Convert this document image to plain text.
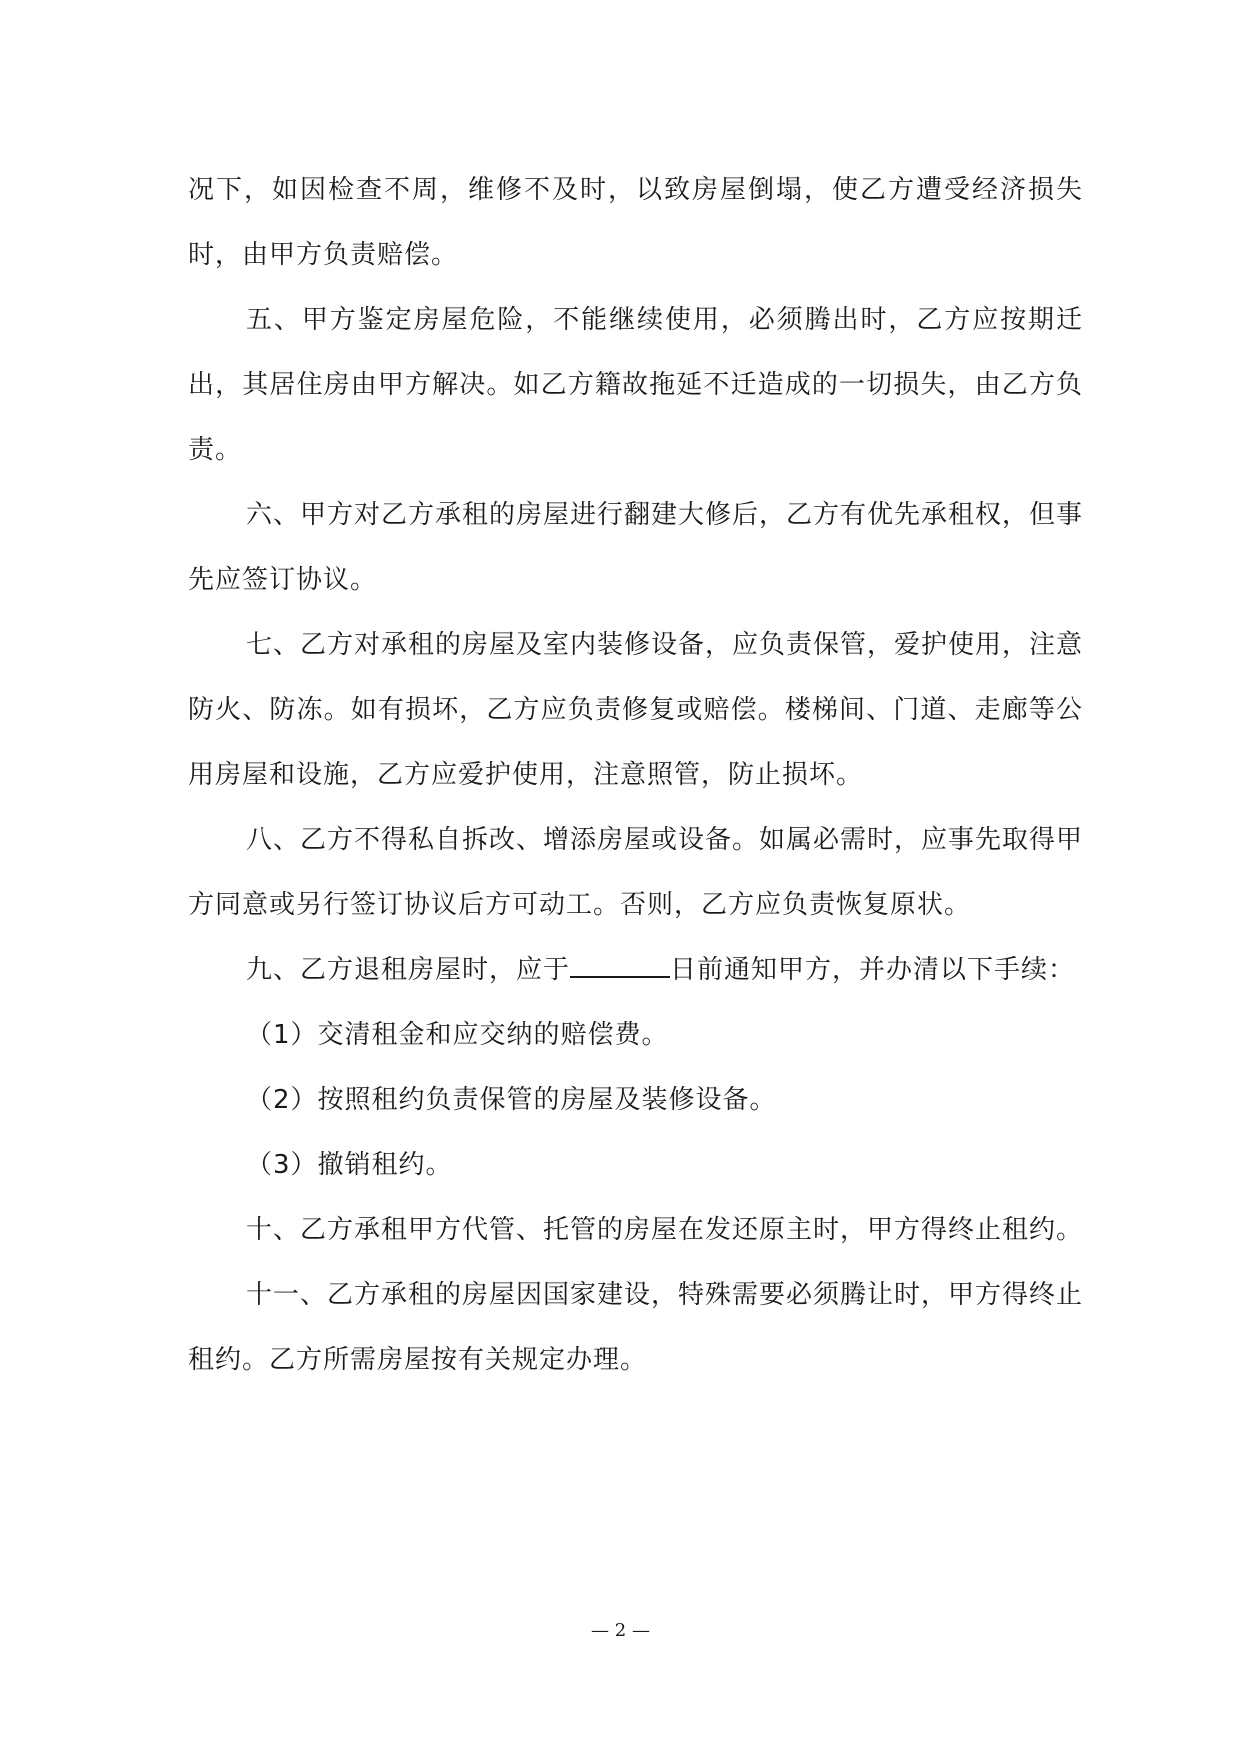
况下，如因检查不周，维修不及时，以致房屋倒塌，使乙方遭受经济损失时，由甲方负责赔偿。

五、甲方鉴定房屋危险，不能继续使用，必须腾出时，乙方应按期迁出，其居住房由甲方解决。如乙方籍故拖延不迁造成的一切损失，由乙方负责。

六、甲方对乙方承租的房屋进行翻建大修后，乙方有优先承租权，但事先应签订协议。

七、乙方对承租的房屋及室内装修设备，应负责保管，爱护使用，注意防火、防冻。如有损坏，乙方应负责修复或赔偿。楼梯间、门道、走廊等公用房屋和设施，乙方应爱护使用，注意照管，防止损坏。

八、乙方不得私自拆改、增添房屋或设备。如属必需时，应事先取得甲方同意或另行签订协议后方可动工。否则，乙方应负责恢复原状。

九、乙方退租房屋时，应于	日前通知甲方，并办清以下手续：

（1）交清租金和应交纳的赔偿费。

（2）按照租约负责保管的房屋及装修设备。

（3）撤销租约。

十、乙方承租甲方代管、托管的房屋在发还原主时，甲方得终止租约。

十一、乙方承租的房屋因国家建设，特殊需要必须腾让时，甲方得终止租约。乙方所需房屋按有关规定办理。

— 2 —
